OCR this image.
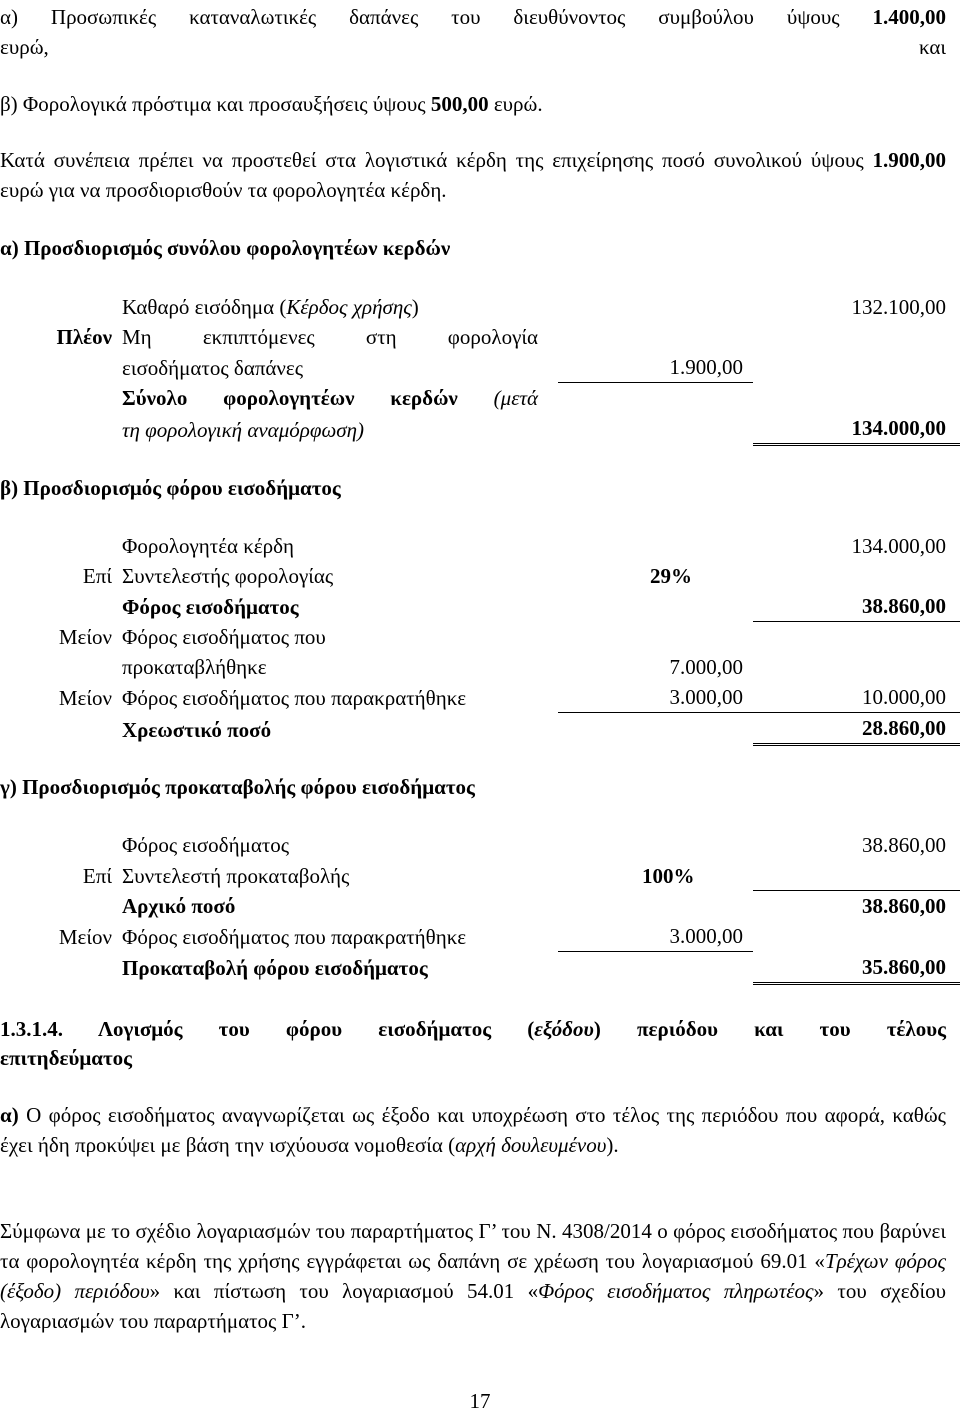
α) Προσωπικές καταναλωτικές δαπάνες του διευθύνοντος συμβούλου ύψους 1.400,00
ευρώ, και

β) Φορολογικά πρόστιμα και προσαυξήσεις ύψους 500,00 ευρώ.

Κατά συνέπεια πρέπει να προστεθεί στα λογιστικά κέρδη της επιχείρησης ποσό συνολικού ύψους 1.900,00 ευρώ για να προσδιορισθούν τα φορολογητέα κέρδη.

α) Προσδιορισμός συνόλου φορολογητέων κερδών
	Καθαρό εισόδημα (Κέρδος χρήσης)		132.100,00
Πλέον	Μη εκπιπτόμενες στη φορολογία		
	εισοδήματος δαπάνες	1.900,00	
	Σύνολο φορολογητέων κερδών (μετά		
	τη φορολογική αναμόρφωση)		134.000,00
β) Προσδιορισμός φόρου εισοδήματος
	Φορολογητέα κέρδη		134.000,00
Επί	Συντελεστής φορολογίας	29%	
	Φόρος εισοδήματος		38.860,00
Μείον	Φόρος εισοδήματος που		
	προκαταβλήθηκε	7.000,00	
Μείον	Φόρος εισοδήματος που παρακρατήθηκε	3.000,00	10.000,00
	Χρεωστικό ποσό		28.860,00
γ) Προσδιορισμός προκαταβολής φόρου εισοδήματος
	Φόρος εισοδήματος		38.860,00
Επί	Συντελεστή προκαταβολής	100%	
	Αρχικό ποσό		38.860,00
Μείον	Φόρος εισοδήματος που παρακρατήθηκε	3.000,00	
	Προκαταβολή φόρου εισοδήματος		35.860,00

1.3.1.4. Λογισμός του φόρου εισοδήματος (εξόδου) περιόδου και του τέλους

επιτηδεύματος

α) Ο φόρος εισοδήματος αναγνωρίζεται ως έξοδο και υποχρέωση στο τέλος της περιόδου που αφορά, καθώς έχει ήδη προκύψει με βάση την ισχύουσα νομοθεσία (αρχή δουλευμένου).

Σύμφωνα με το σχέδιο λογαριασμών του παραρτήματος Γ’ του Ν. 4308/2014 ο φόρος εισοδήματος που βαρύνει τα φορολογητέα κέρδη της χρήσης εγγράφεται ως δαπάνη σε χρέωση του λογαριασμού 69.01 «Τρέχων φόρος (έξοδο) περιόδου» και πίστωση του λογαριασμού 54.01 «Φόρος εισοδήματος πληρωτέος» του σχεδίου λογαριασμών του παραρτήματος Γ’.

17
